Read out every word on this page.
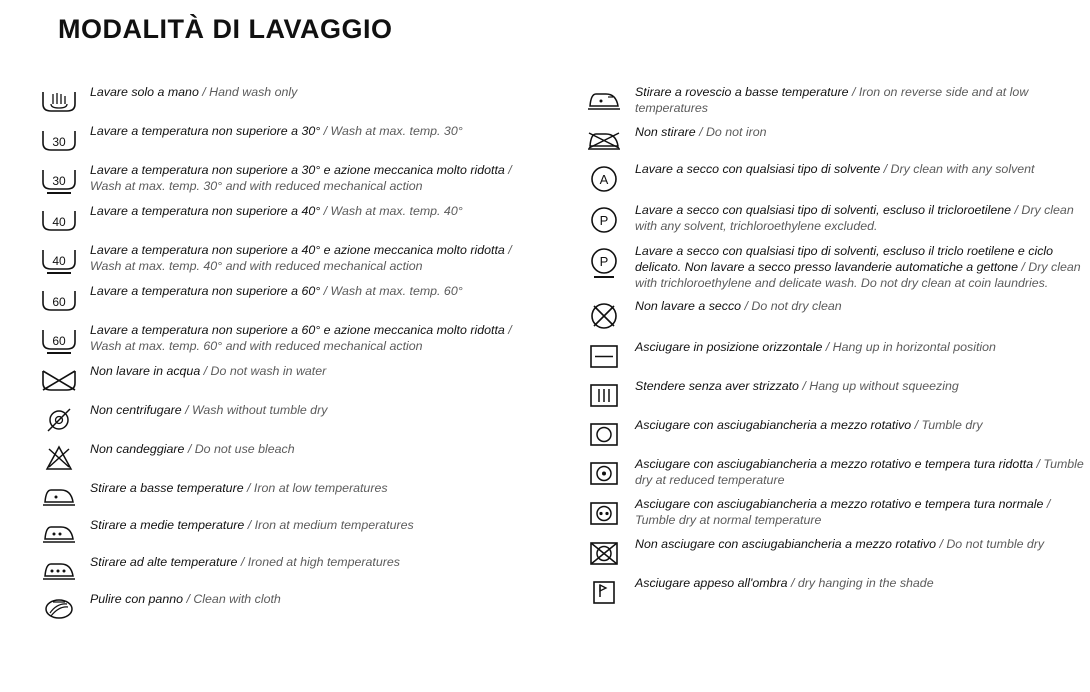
MODALITÀ DI LAVAGGIO
Lavare solo a mano / Hand wash only
30
Lavare a temperatura non superiore a 30° / Wash at max. temp. 30°
30
Lavare a temperatura non superiore a 30° e azione meccanica molto ridotta / Wash at max. temp. 30° and with reduced mechanical action
40
Lavare a temperatura non superiore a 40° / Wash at max. temp. 40°
40
Lavare a temperatura non superiore a 40° e azione meccanica molto ridotta / Wash at max. temp. 40° and with reduced mechanical action
60
Lavare a temperatura non superiore a 60° / Wash at max. temp. 60°
60
Lavare a temperatura non superiore a 60° e azione meccanica molto ridotta / Wash at max. temp. 60° and with reduced mechanical action
Non lavare in acqua / Do not wash in water
Non centrifugare / Wash without tumble dry
Non candeggiare / Do not use bleach
Stirare a basse temperature / Iron at low temperatures
Stirare a medie temperature / Iron at medium temperatures
Stirare ad alte temperature / Ironed at high temperatures
Pulire con panno / Clean with cloth
Stirare a rovescio a basse temperature / Iron on reverse side and at low temperatures
Non stirare / Do not iron
A
Lavare a secco con qualsiasi tipo di solvente / Dry clean with any solvent
P
Lavare a secco con qualsiasi tipo di solventi, escluso il tricloroetilene / Dry clean with any solvent, trichloroethylene excluded.
P
Lavare a secco con qualsiasi tipo di solventi, escluso il triclo roetilene e ciclo delicato. Non lavare a secco presso lavanderie automatiche a gettone / Dry clean with trichloroethylene and delicate wash. Do not dry clean at coin laundries.
Non lavare a secco / Do not dry clean
Asciugare in posizione orizzontale / Hang up in horizontal position
Stendere senza aver strizzato / Hang up without squeezing
Asciugare con asciugabiancheria a mezzo rotativo / Tumble dry
Asciugare con asciugabiancheria a mezzo rotativo e tempera tura ridotta / Tumble dry at reduced temperature
Asciugare con asciugabiancheria a mezzo rotativo e tempera tura normale / Tumble dry at normal temperature
Non asciugare con asciugabiancheria a mezzo rotativo / Do not tumble dry
Asciugare appeso all'ombra / dry hanging in the shade
